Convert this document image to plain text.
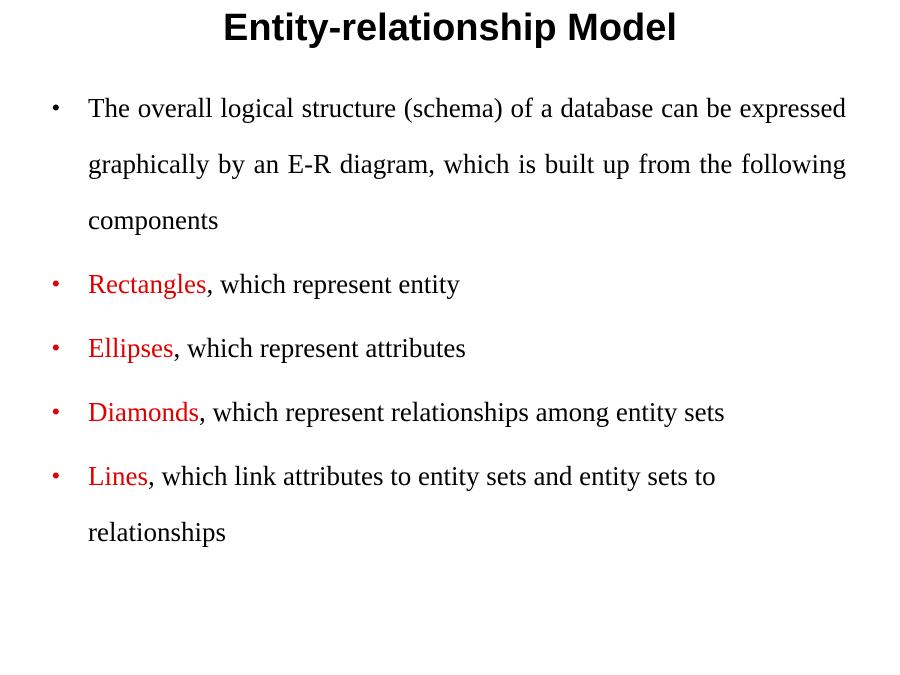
Entity-relationship Model
• The overall logical structure (schema) of a database can be expressed graphically by an E-R diagram, which is built up from the following components
• Rectangles, which represent entity
• Ellipses, which represent attributes
• Diamonds, which represent relationships among entity sets
• Lines, which link attributes to entity sets and entity sets to relationships
